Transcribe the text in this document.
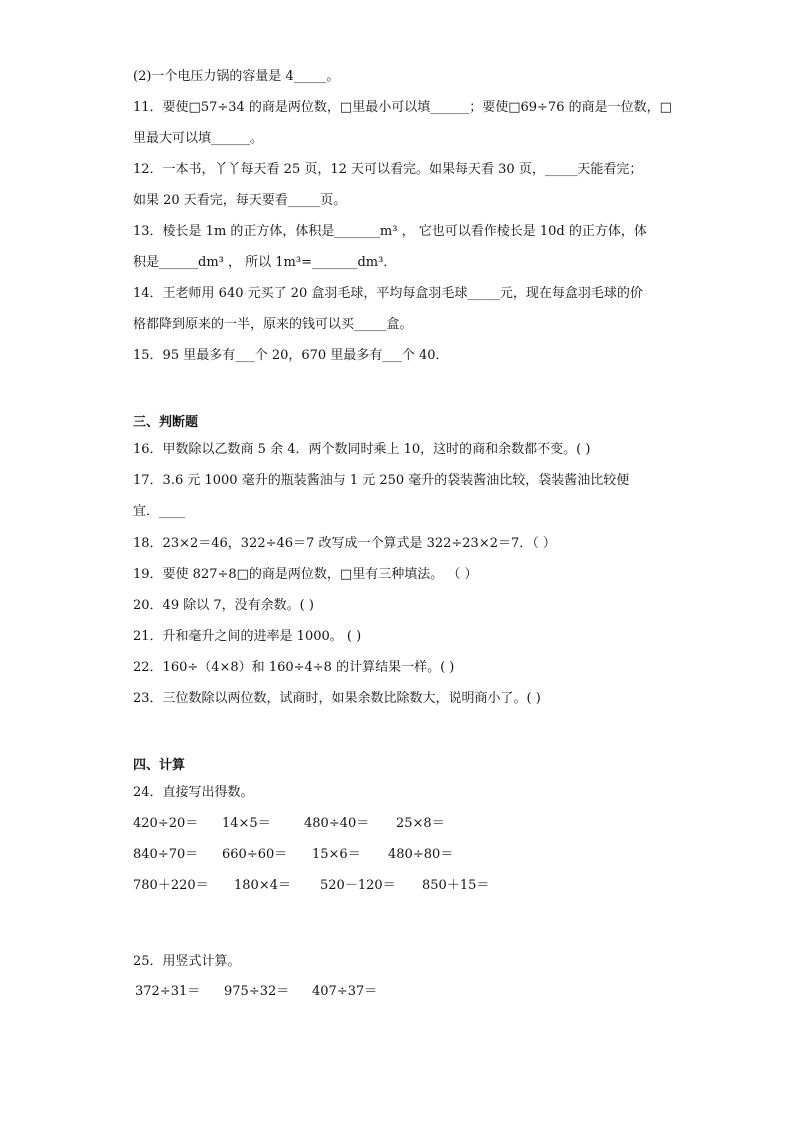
(2)一个电压力锅的容量是 4_____。
11．要使□57÷34 的商是两位数，□里最小可以填______；要使□69÷76 的商是一位数，□
里最大可以填______。
12．一本书，丫丫每天看 25 页，12 天可以看完。如果每天看 30 页，_____天能看完；
如果 20 天看完，每天要看_____页。
13．棱长是 1m 的正方体，体积是_______m³ ， 它也可以看作棱长是 10d 的正方体，体
积是______dm³ ， 所以 1m³=_______dm³．
14．王老师用 640 元买了 20 盒羽毛球，平均每盒羽毛球_____元，现在每盒羽毛球的价
格都降到原来的一半，原来的钱可以买_____盒。
15．95 里最多有___个 20，670 里最多有___个 40．
三、判断题
16．甲数除以乙数商 5 余 4．两个数同时乘上 10，这时的商和余数都不变。( )
17．3.6 元 1000 毫升的瓶装酱油与 1 元 250 毫升的袋装酱油比较，袋装酱油比较便
宜．____
18．23×2＝46，322÷46＝7 改写成一个算式是 322÷23×2＝7．（ ）
19．要使 827÷8□的商是两位数，□里有三种填法。 （ ）
20．49 除以 7，没有余数。( )
21．升和毫升之间的进率是 1000。 ( )
22．160÷（4×8）和 160÷4÷8 的计算结果一样。( )
23．三位数除以两位数，试商时，如果余数比除数大，说明商小了。( )
四、计算
24．直接写出得数。
420÷20＝ 14×5＝	480÷40＝ 25×8＝
840÷70＝ 660÷60＝ 15×6＝ 480÷80＝
780＋220＝ 180×4＝ 520－120＝ 850＋15＝
25．用竖式计算。
372÷31＝ 975÷32＝ 407÷37＝
